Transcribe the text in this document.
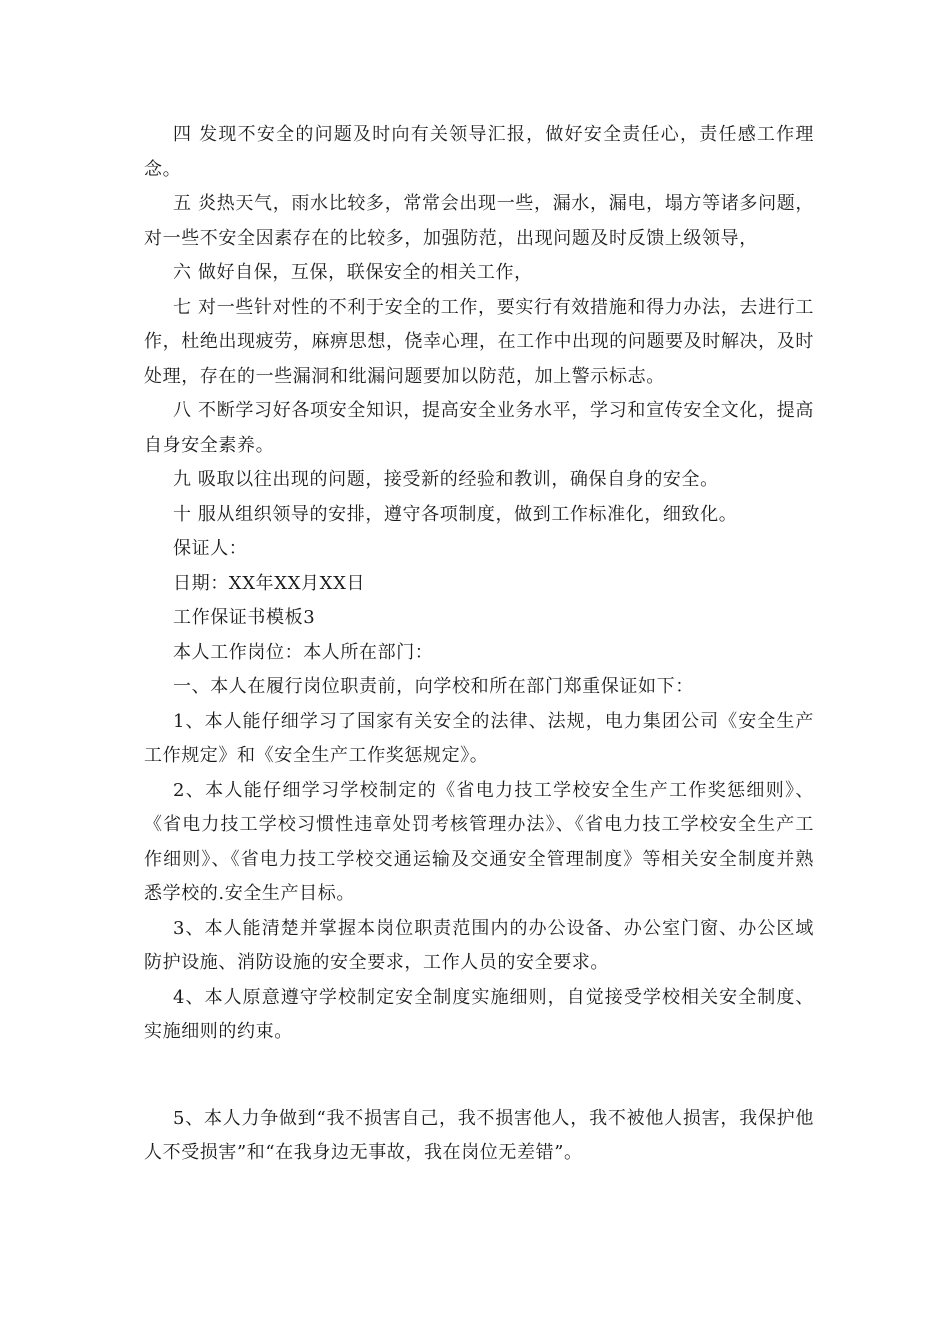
四 发现不安全的问题及时向有关领导汇报，做好安全责任心，责任感工作理念。

五 炎热天气，雨水比较多，常常会出现一些，漏水，漏电，塌方等诸多问题，对一些不安全因素存在的比较多，加强防范，出现问题及时反馈上级领导，

六 做好自保，互保，联保安全的相关工作，

七 对一些针对性的不利于安全的工作，要实行有效措施和得力办法，去进行工作，杜绝出现疲劳，麻痹思想，侥幸心理，在工作中出现的问题要及时解决，及时处理，存在的一些漏洞和纰漏问题要加以防范，加上警示标志。

八 不断学习好各项安全知识，提高安全业务水平，学习和宣传安全文化，提高自身安全素养。

九 吸取以往出现的问题，接受新的经验和教训，确保自身的安全。

十 服从组织领导的安排，遵守各项制度，做到工作标准化，细致化。

保证人：

日期：XX年XX月XX日

工作保证书模板3

本人工作岗位：本人所在部门：

一、本人在履行岗位职责前，向学校和所在部门郑重保证如下：

1、本人能仔细学习了国家有关安全的法律、法规，电力集团公司《安全生产工作规定》和《安全生产工作奖惩规定》。

2、本人能仔细学习学校制定的《省电力技工学校安全生产工作奖惩细则》、《省电力技工学校习惯性违章处罚考核管理办法》、《省电力技工学校安全生产工作细则》、《省电力技工学校交通运输及交通安全管理制度》等相关安全制度并熟悉学校的.安全生产目标。

3、本人能清楚并掌握本岗位职责范围内的办公设备、办公室门窗、办公区域防护设施、消防设施的安全要求，工作人员的安全要求。

4、本人原意遵守学校制定安全制度实施细则，自觉接受学校相关安全制度、实施细则的约束。

5、本人力争做到“我不损害自己，我不损害他人，我不被他人损害，我保护他人不受损害”和“在我身边无事故，我在岗位无差错”。
